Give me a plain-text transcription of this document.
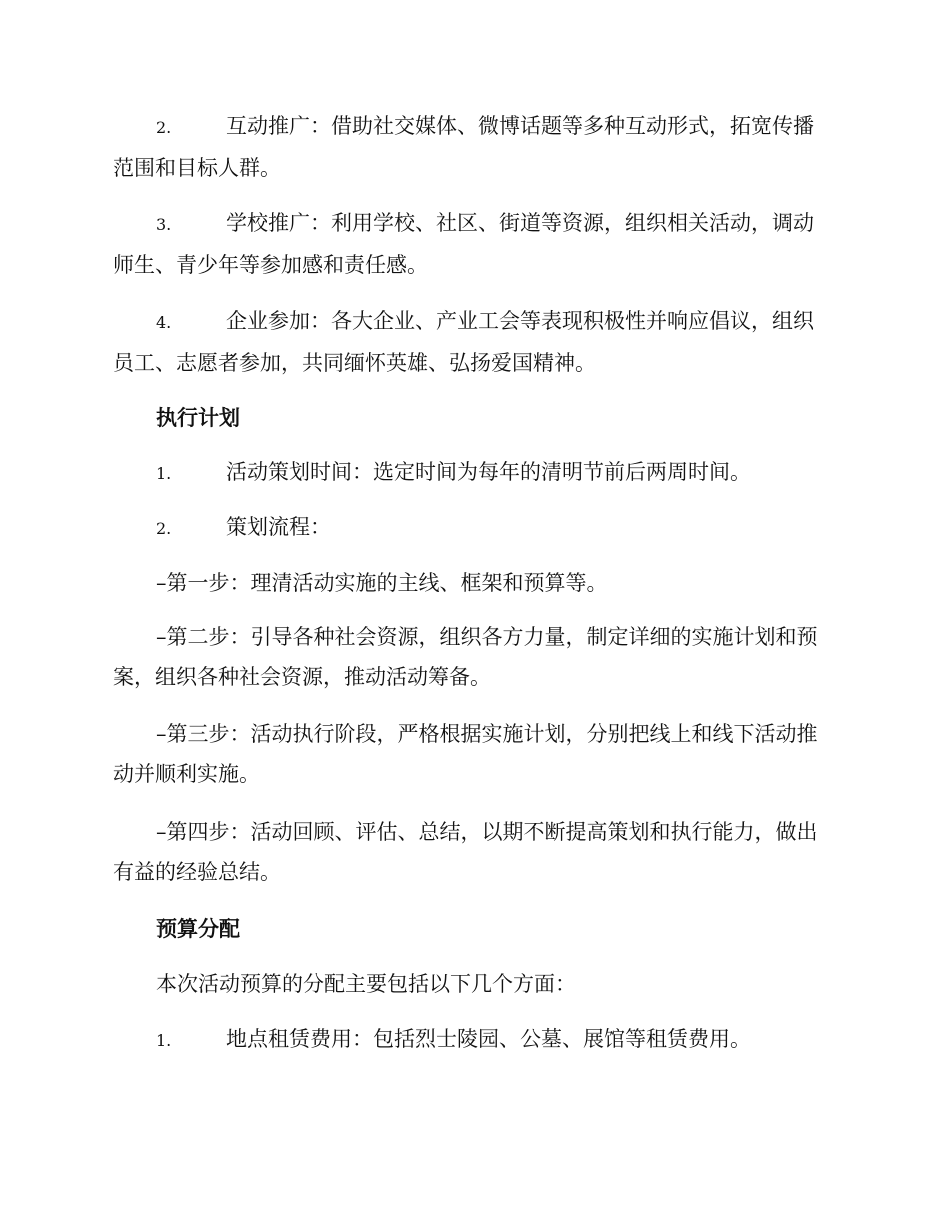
2.	互动推广：借助社交媒体、微博话题等多种互动形式，拓宽传播范围和目标人群。

3.	学校推广：利用学校、社区、街道等资源，组织相关活动，调动师生、青少年等参加感和责任感。

4.	企业参加：各大企业、产业工会等表现积极性并响应倡议，组织员工、志愿者参加，共同缅怀英雄、弘扬爱国精神。

执行计划

1.	活动策划时间：选定时间为每年的清明节前后两周时间。

2.	策划流程：

–第一步：理清活动实施的主线、框架和预算等。

–第二步：引导各种社会资源，组织各方力量，制定详细的实施计划和预案，组织各种社会资源，推动活动筹备。

–第三步：活动执行阶段，严格根据实施计划，分别把线上和线下活动推动并顺利实施。

–第四步：活动回顾、评估、总结，以期不断提高策划和执行能力，做出有益的经验总结。

预算分配

本次活动预算的分配主要包括以下几个方面：

1.	地点租赁费用：包括烈士陵园、公墓、展馆等租赁费用。
